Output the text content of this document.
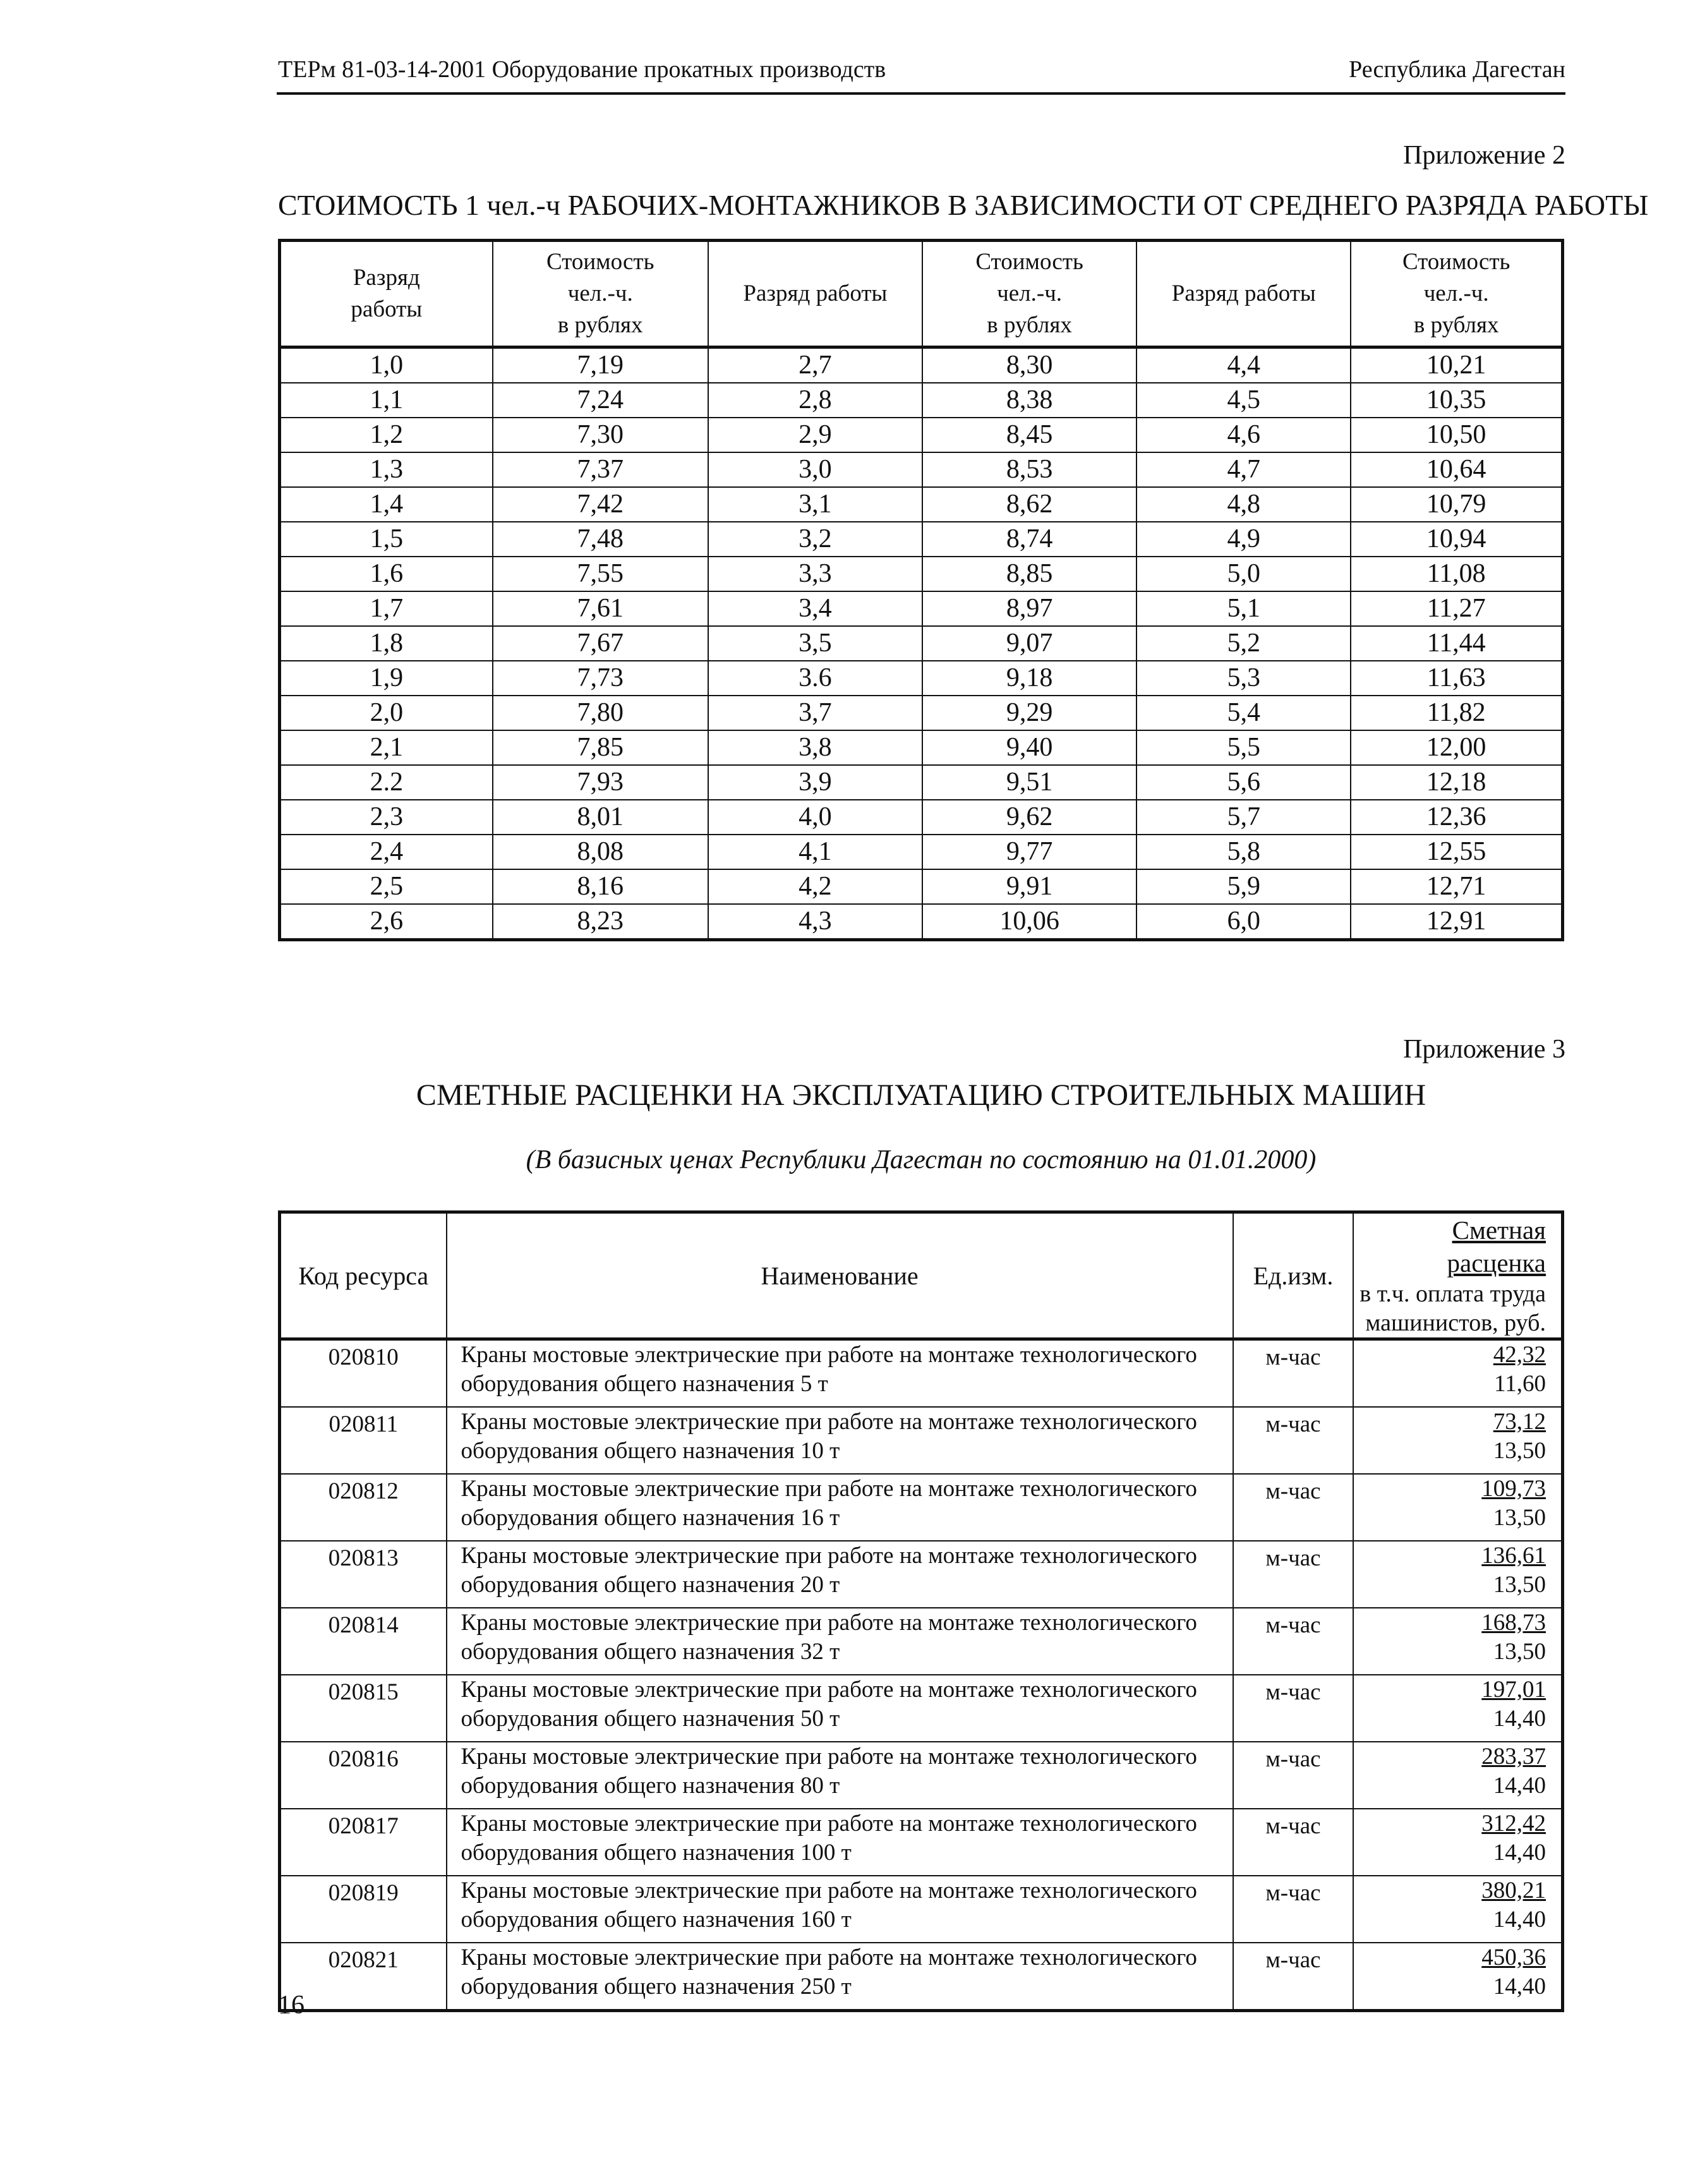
ТЕРм 81-03-14-2001 Оборудование прокатных производств	Республика Дагестан
Приложение 2
СТОИМОСТЬ 1 чел.-ч РАБОЧИХ-МОНТАЖНИКОВ В ЗАВИСИМОСТИ ОТ СРЕДНЕГО РАЗРЯДА РАБОТЫ
Разряд
работы	Стоимость
чел.-ч.
в рублях	Разряд работы	Стоимость
чел.-ч.
в рублях	Разряд работы	Стоимость
чел.-ч.
в рублях
1,0	7,19	2,7	8,30	4,4	10,21
1,1	7,24	2,8	8,38	4,5	10,35
1,2	7,30	2,9	8,45	4,6	10,50
1,3	7,37	3,0	8,53	4,7	10,64
1,4	7,42	3,1	8,62	4,8	10,79
1,5	7,48	3,2	8,74	4,9	10,94
1,6	7,55	3,3	8,85	5,0	11,08
1,7	7,61	3,4	8,97	5,1	11,27
1,8	7,67	3,5	9,07	5,2	11,44
1,9	7,73	3.6	9,18	5,3	11,63
2,0	7,80	3,7	9,29	5,4	11,82
2,1	7,85	3,8	9,40	5,5	12,00
2.2	7,93	3,9	9,51	5,6	12,18
2,3	8,01	4,0	9,62	5,7	12,36
2,4	8,08	4,1	9,77	5,8	12,55
2,5	8,16	4,2	9,91	5,9	12,71
2,6	8,23	4,3	10,06	6,0	12,91
Приложение 3
СМЕТНЫЕ РАСЦЕНКИ НА ЭКСПЛУАТАЦИЮ СТРОИТЕЛЬНЫХ МАШИН
(В базисных ценах Республики Дагестан по состоянию на 01.01.2000)
Код ресурса	Наименование	Ед.изм.	Сметная расценка
в т.ч. оплата труда
машинистов, руб.

020810	Краны мостовые электрические при работе на монтаже технологического
оборудования общего назначения 5 т	м-час	42,32
11,60
020811	Краны мостовые электрические при работе на монтаже технологического
оборудования общего назначения 10 т	м-час	73,12
13,50
020812	Краны мостовые электрические при работе на монтаже технологического
оборудования общего назначения 16 т	м-час	109,73
13,50
020813	Краны мостовые электрические при работе на монтаже технологического
оборудования общего назначения 20 т	м-час	136,61
13,50
020814	Краны мостовые электрические при работе на монтаже технологического
оборудования общего назначения 32 т	м-час	168,73
13,50
020815	Краны мостовые электрические при работе на монтаже технологического
оборудования общего назначения 50 т	м-час	197,01
14,40
020816	Краны мостовые электрические при работе на монтаже технологического
оборудования общего назначения 80 т	м-час	283,37
14,40
020817	Краны мостовые электрические при работе на монтаже технологического
оборудования общего назначения 100 т	м-час	312,42
14,40
020819	Краны мостовые электрические при работе на монтаже технологического
оборудования общего назначения 160 т	м-час	380,21
14,40
020821	Краны мостовые электрические при работе на монтаже технологического
оборудования общего назначения 250 т	м-час	450,36
14,40
16
